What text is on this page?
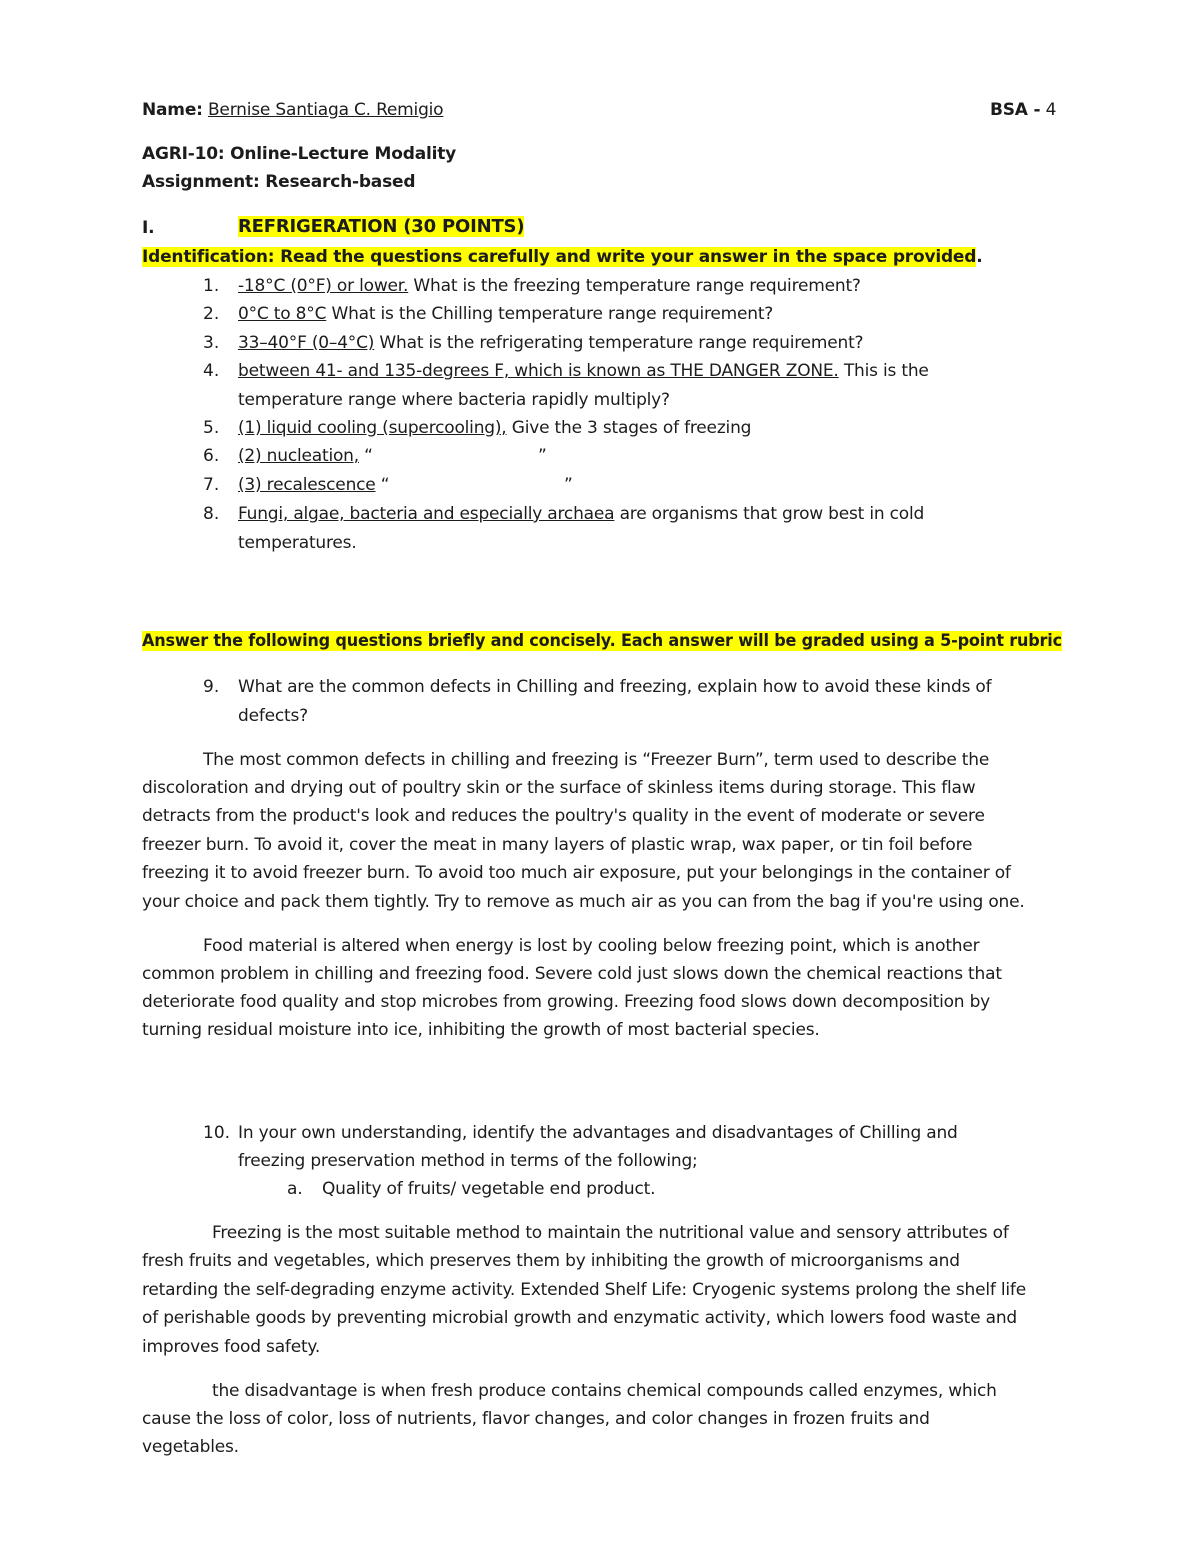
Name: Bernise Santiaga C. Remigio	BSA - 4
AGRI-10: Online-Lecture Modality
Assignment: Research-based
I.	REFRIGERATION (30 POINTS)
Identification: Read the questions carefully and write your answer in the space provided.
1. -18°C (0°F) or lower. What is the freezing temperature range requirement?
2. 0°C to 8°C What is the Chilling temperature range requirement?
3. 33–40°F (0–4°C) What is the refrigerating temperature range requirement?
4. between 41- and 135-degrees F, which is known as THE DANGER ZONE. This is the
temperature range where bacteria rapidly multiply?
5. (1) liquid cooling (supercooling), Give the 3 stages of freezing
6. (2) nucleation, “	”
7. (3) recalescence “	”
8. Fungi, algae, bacteria and especially archaea are organisms that grow best in cold
temperatures.
Answer the following questions briefly and concisely. Each answer will be graded using a 5-point rubric
9. What are the common defects in Chilling and freezing, explain how to avoid these kinds of
defects?
The most common defects in chilling and freezing is “Freezer Burn”, term used to describe the
discoloration and drying out of poultry skin or the surface of skinless items during storage. This flaw
detracts from the product's look and reduces the poultry's quality in the event of moderate or severe
freezer burn. To avoid it, cover the meat in many layers of plastic wrap, wax paper, or tin foil before
freezing it to avoid freezer burn. To avoid too much air exposure, put your belongings in the container of
your choice and pack them tightly. Try to remove as much air as you can from the bag if you're using one.
Food material is altered when energy is lost by cooling below freezing point, which is another
common problem in chilling and freezing food. Severe cold just slows down the chemical reactions that
deteriorate food quality and stop microbes from growing. Freezing food slows down decomposition by
turning residual moisture into ice, inhibiting the growth of most bacterial species.
10. In your own understanding, identify the advantages and disadvantages of Chilling and
freezing preservation method in terms of the following;
a. Quality of fruits/ vegetable end product.
Freezing is the most suitable method to maintain the nutritional value and sensory attributes of
fresh fruits and vegetables, which preserves them by inhibiting the growth of microorganisms and
retarding the self-degrading enzyme activity. Extended Shelf Life: Cryogenic systems prolong the shelf life
of perishable goods by preventing microbial growth and enzymatic activity, which lowers food waste and
improves food safety.
the disadvantage is when fresh produce contains chemical compounds called enzymes, which
cause the loss of color, loss of nutrients, flavor changes, and color changes in frozen fruits and
vegetables.
